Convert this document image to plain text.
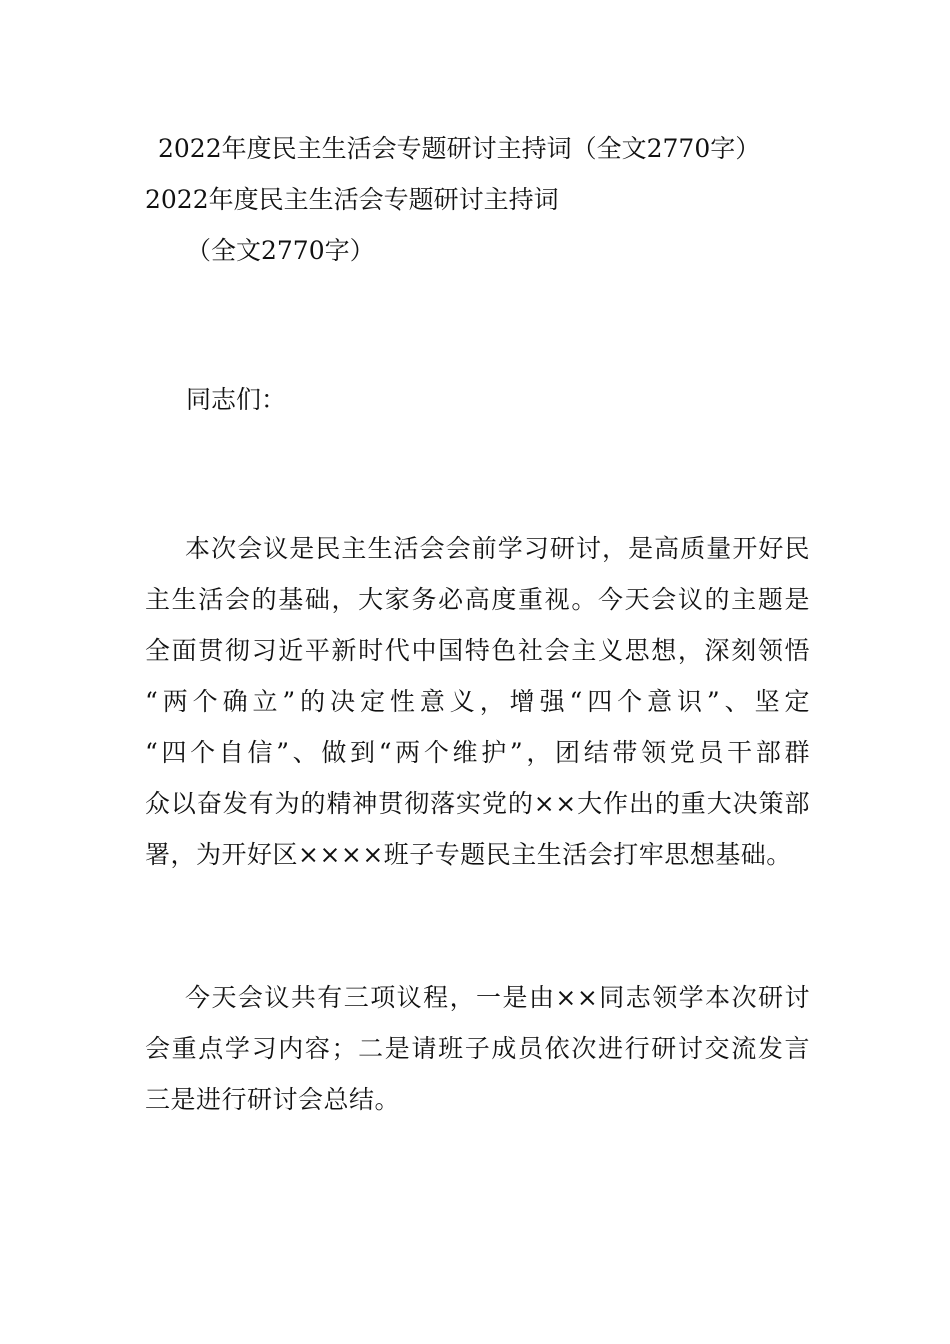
2022年度民主生活会专题研讨主持词（全文2770字）
2022年度民主生活会专题研讨主持词
（全文2770字）
同志们：
本次会议是民主生活会会前学习研讨，是高质量开好民
主生活会的基础，大家务必高度重视。今天会议的主题是
全面贯彻习近平新时代中国特色社会主义思想，深刻领悟
“两个确立”的决定性意义，增强“四个意识”、坚定
“四个自信”、做到“两个维护”，团结带领党员干部群
众以奋发有为的精神贯彻落实党的××大作出的重大决策部
署，为开好区××××班子专题民主生活会打牢思想基础。
今天会议共有三项议程，一是由××同志领学本次研讨
会重点学习内容；二是请班子成员依次进行研讨交流发言
三是进行研讨会总结。
